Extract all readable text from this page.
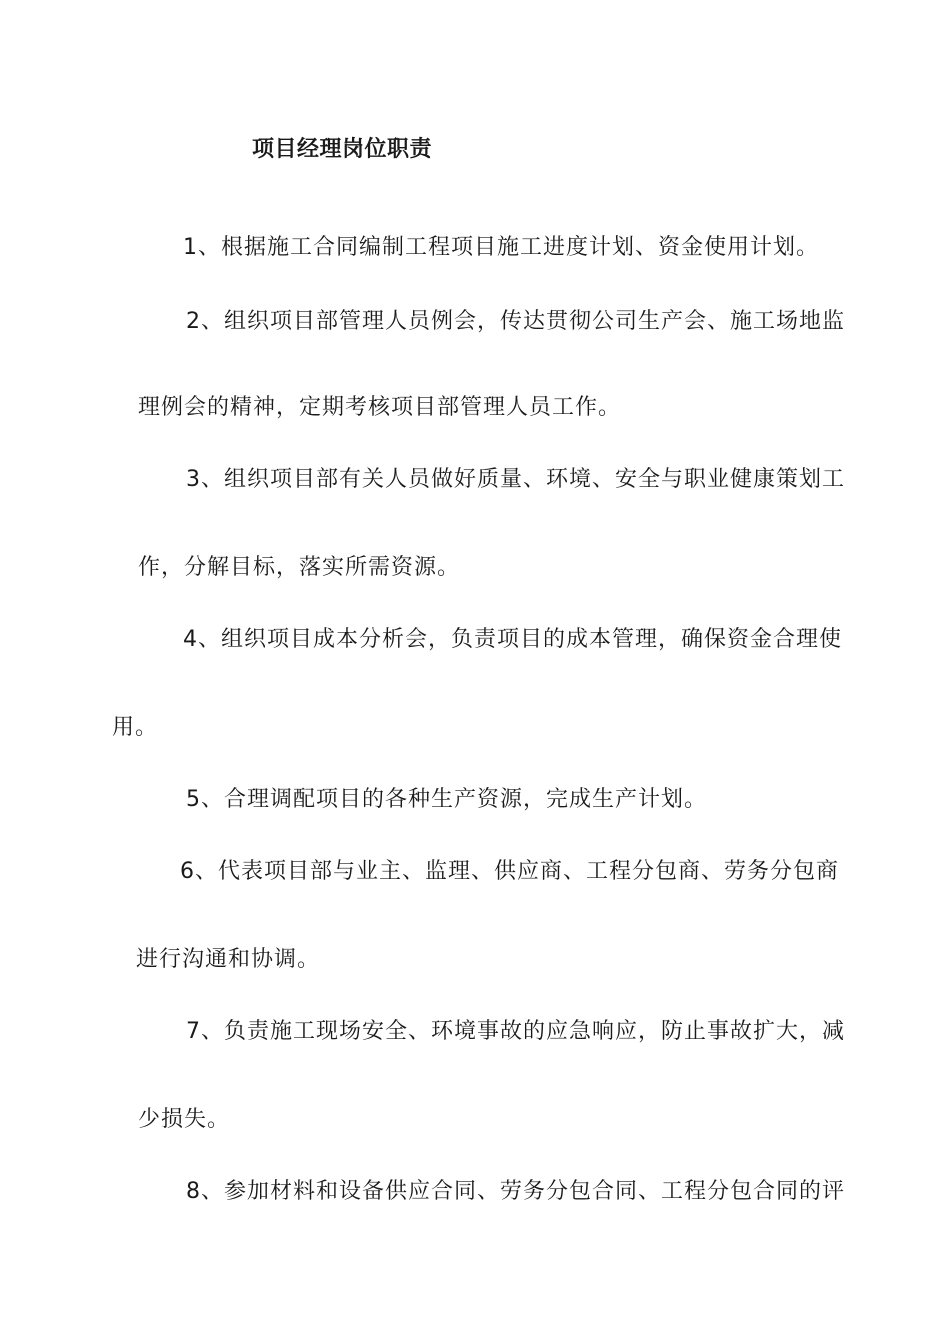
项目经理岗位职责
1、根据施工合同编制工程项目施工进度计划、资金使用计划。
2、组织项目部管理人员例会，传达贯彻公司生产会、施工场地监
理例会的精神，定期考核项目部管理人员工作。
3、组织项目部有关人员做好质量、环境、安全与职业健康策划工
作，分解目标，落实所需资源。
4、组织项目成本分析会，负责项目的成本管理，确保资金合理使
用。
5、合理调配项目的各种生产资源，完成生产计划。
6、代表项目部与业主、监理、供应商、工程分包商、劳务分包商
进行沟通和协调。
7、负责施工现场安全、环境事故的应急响应，防止事故扩大，减
少损失。
8、参加材料和设备供应合同、劳务分包合同、工程分包合同的评
